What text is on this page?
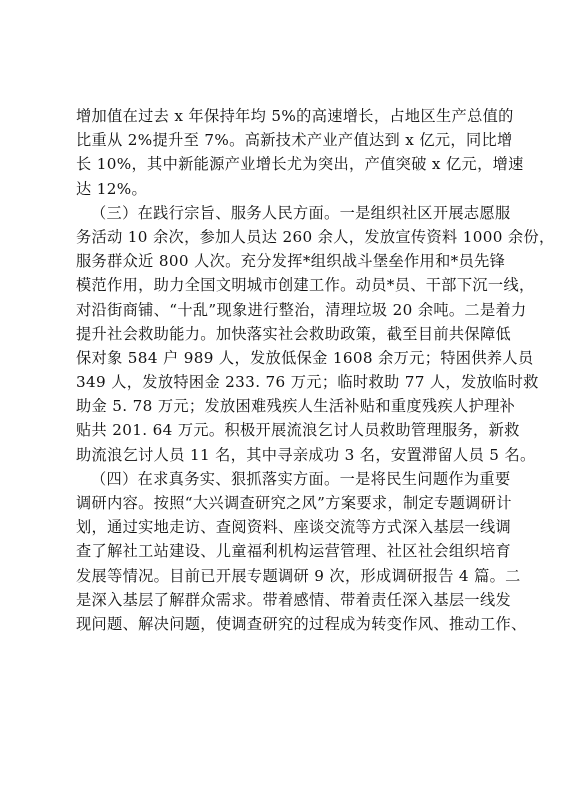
增加值在过去 x 年保持年均 5%的高速增长，占地区生产总值的
比重从 2%提升至 7%。高新技术产业产值达到 x 亿元，同比增
长 10%，其中新能源产业增长尤为突出，产值突破 x 亿元，增速
达 12%。
（三）在践行宗旨、服务人民方面。一是组织社区开展志愿服
务活动 10 余次，参加人员达 260 余人，发放宣传资料 1000 余份，
服务群众近 800 人次。充分发挥*组织战斗堡垒作用和*员先锋
模范作用，助力全国文明城市创建工作。动员*员、干部下沉一线，
对沿街商铺、“十乱”现象进行整治，清理垃圾 20 余吨。二是着力
提升社会救助能力。加快落实社会救助政策，截至目前共保障低
保对象 584 户 989 人，发放低保金 1608 余万元；特困供养人员
349 人，发放特困金 233. 76 万元；临时救助 77 人，发放临时救
助金 5. 78 万元；发放困难残疾人生活补贴和重度残疾人护理补
贴共 201. 64 万元。积极开展流浪乞讨人员救助管理服务，新救
助流浪乞讨人员 11 名，其中寻亲成功 3 名，安置滞留人员 5 名。
（四）在求真务实、狠抓落实方面。一是将民生问题作为重要
调研内容。按照“大兴调查研究之风”方案要求，制定专题调研计
划，通过实地走访、查阅资料、座谈交流等方式深入基层一线调
查了解社工站建设、儿童福利机构运营管理、社区社会组织培育
发展等情况。目前已开展专题调研 9 次，形成调研报告 4 篇。二
是深入基层了解群众需求。带着感情、带着责任深入基层一线发
现问题、解决问题，使调查研究的过程成为转变作风、推动工作、
